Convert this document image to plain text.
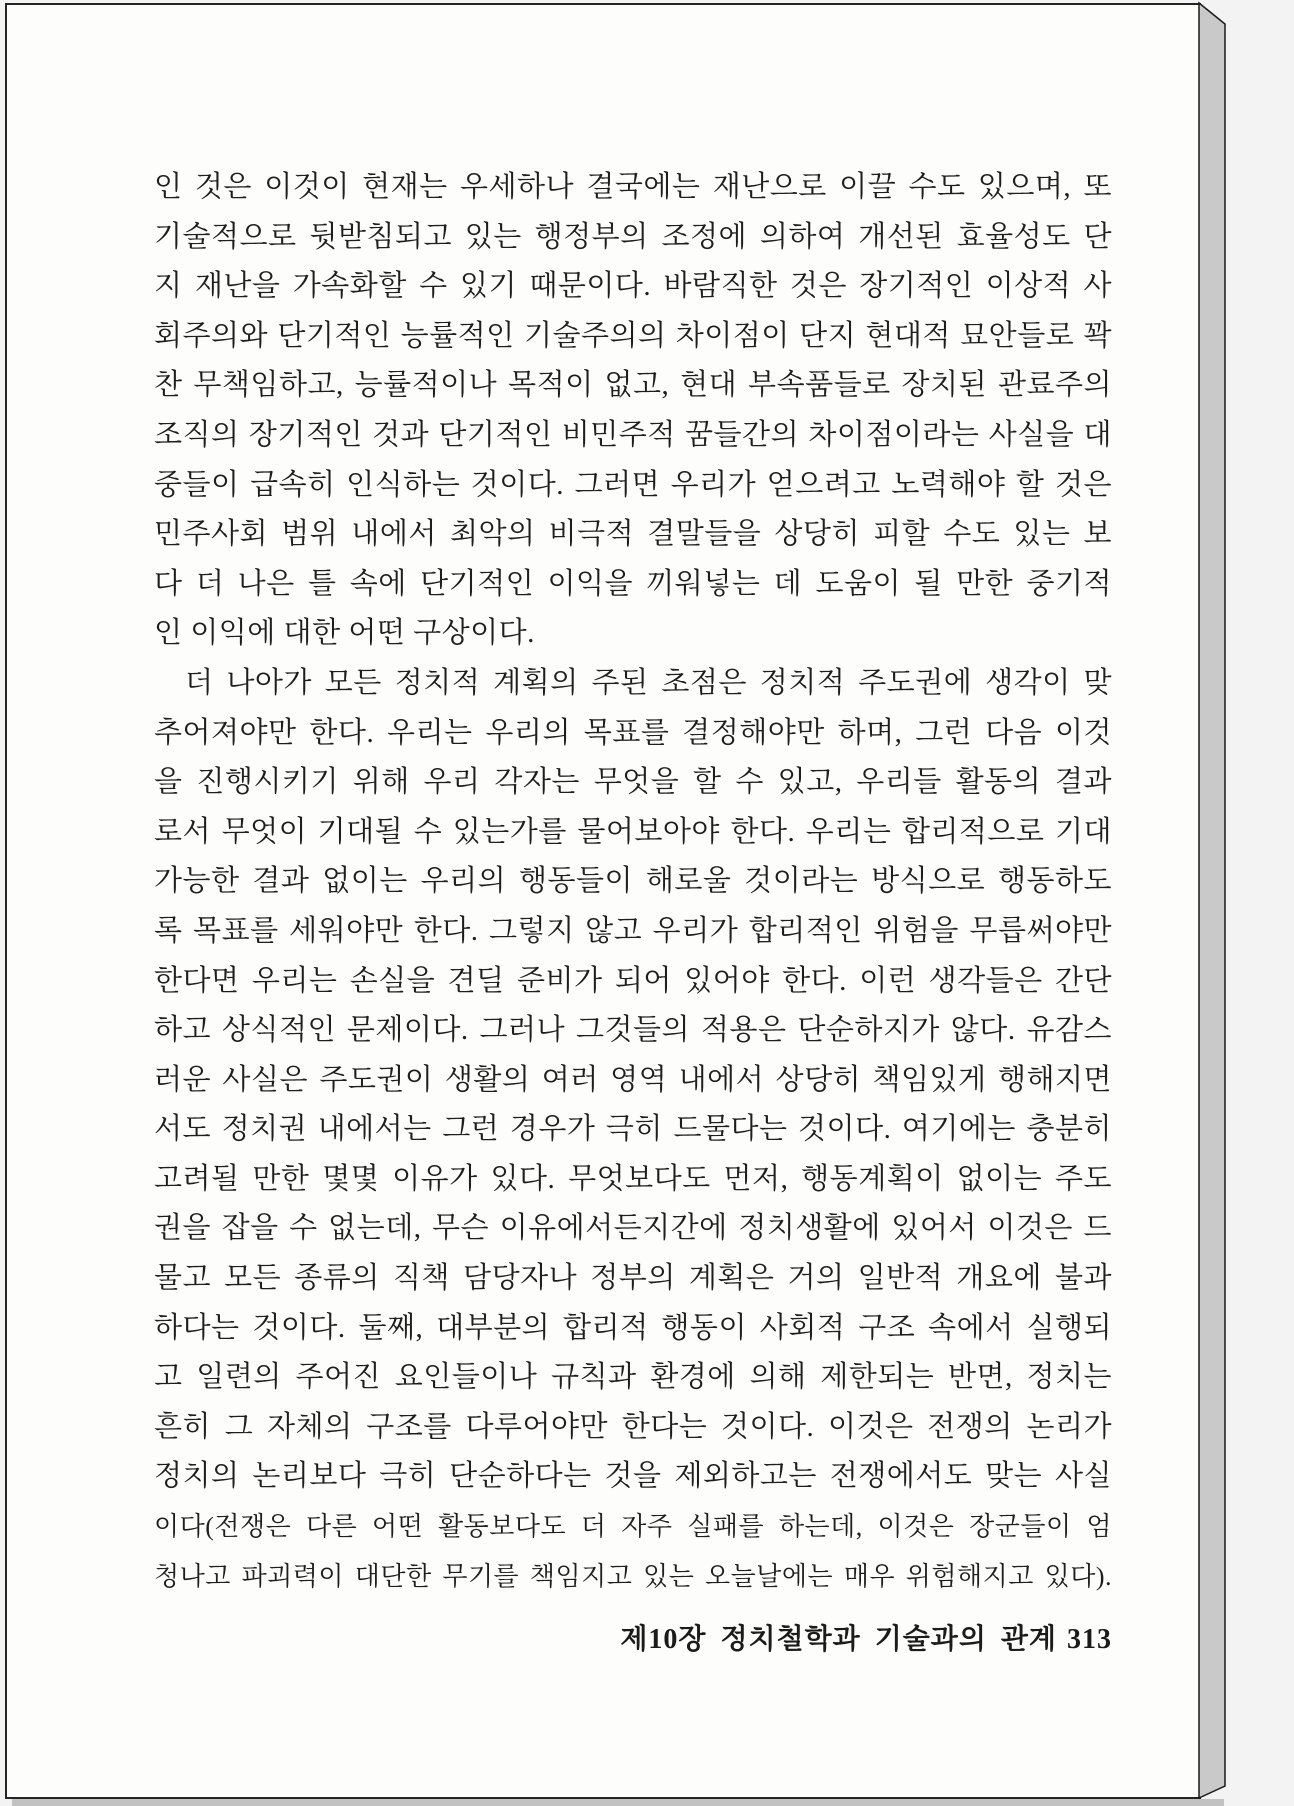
인 것은 이것이 현재는 우세하나 결국에는 재난으로 이끌 수도 있으며, 또
기술적으로 뒷받침되고 있는 행정부의 조정에 의하여 개선된 효율성도 단
지 재난을 가속화할 수 있기 때문이다. 바람직한 것은 장기적인 이상적 사
회주의와 단기적인 능률적인 기술주의의 차이점이 단지 현대적 묘안들로 꽉
찬 무책임하고, 능률적이나 목적이 없고, 현대 부속품들로 장치된 관료주의
조직의 장기적인 것과 단기적인 비민주적 꿈들간의 차이점이라는 사실을 대
중들이 급속히 인식하는 것이다. 그러면 우리가 얻으려고 노력해야 할 것은
민주사회 범위 내에서 최악의 비극적 결말들을 상당히 피할 수도 있는 보
다 더 나은 틀 속에 단기적인 이익을 끼워넣는 데 도움이 될 만한 중기적
인 이익에 대한 어떤 구상이다.
더 나아가 모든 정치적 계획의 주된 초점은 정치적 주도권에 생각이 맞
추어져야만 한다. 우리는 우리의 목표를 결정해야만 하며, 그런 다음 이것
을 진행시키기 위해 우리 각자는 무엇을 할 수 있고, 우리들 활동의 결과
로서 무엇이 기대될 수 있는가를 물어보아야 한다. 우리는 합리적으로 기대
가능한 결과 없이는 우리의 행동들이 해로울 것이라는 방식으로 행동하도
록 목표를 세워야만 한다. 그렇지 않고 우리가 합리적인 위험을 무릅써야만
한다면 우리는 손실을 견딜 준비가 되어 있어야 한다. 이런 생각들은 간단
하고 상식적인 문제이다. 그러나 그것들의 적용은 단순하지가 않다. 유감스
러운 사실은 주도권이 생활의 여러 영역 내에서 상당히 책임있게 행해지면
서도 정치권 내에서는 그런 경우가 극히 드물다는 것이다. 여기에는 충분히
고려될 만한 몇몇 이유가 있다. 무엇보다도 먼저, 행동계획이 없이는 주도
권을 잡을 수 없는데, 무슨 이유에서든지간에 정치생활에 있어서 이것은 드
물고 모든 종류의 직책 담당자나 정부의 계획은 거의 일반적 개요에 불과
하다는 것이다. 둘째, 대부분의 합리적 행동이 사회적 구조 속에서 실행되
고 일련의 주어진 요인들이나 규칙과 환경에 의해 제한되는 반면, 정치는
흔히 그 자체의 구조를 다루어야만 한다는 것이다. 이것은 전쟁의 논리가
정치의 논리보다 극히 단순하다는 것을 제외하고는 전쟁에서도 맞는 사실
이다(전쟁은 다른 어떤 활동보다도 더 자주 실패를 하는데, 이것은 장군들이 엄
청나고 파괴력이 대단한 무기를 책임지고 있는 오늘날에는 매우 위험해지고 있다).
제10장 정치철학과 기술과의 관계 313
